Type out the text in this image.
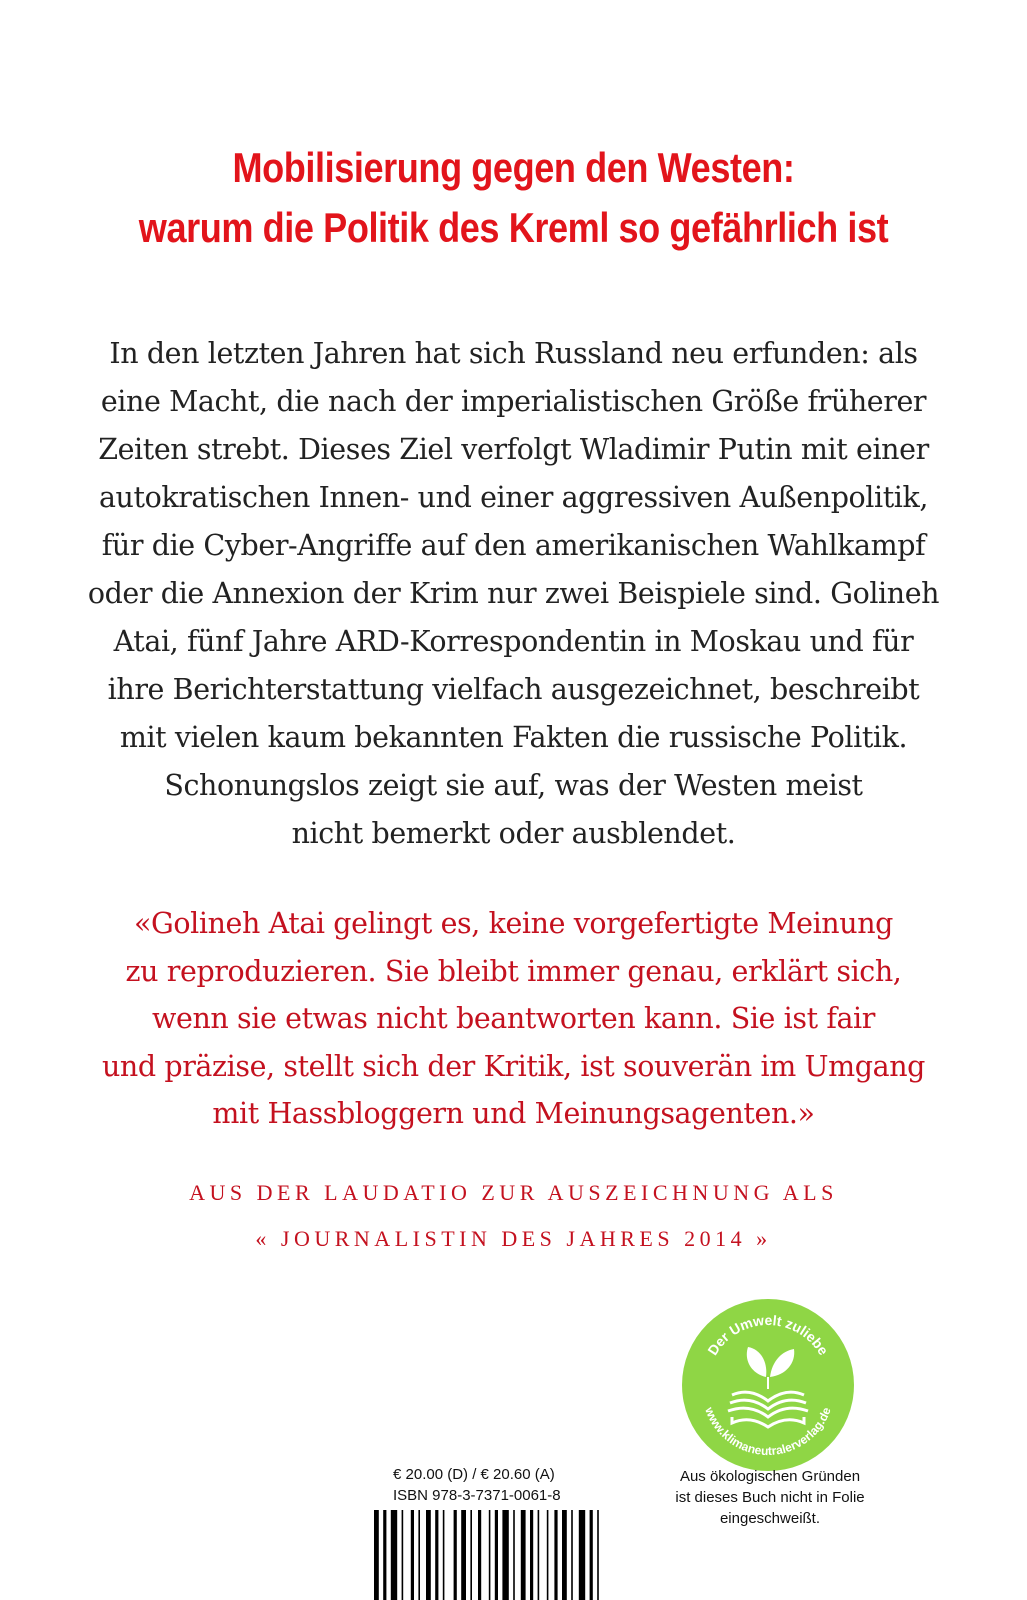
Mobilisierung gegen den Westen:
warum die Politik des Kreml so gefährlich ist
In den letzten Jahren hat sich Russland neu erfunden: als
eine Macht, die nach der imperialistischen Größe früherer
Zeiten strebt. Dieses Ziel verfolgt Wladimir Putin mit einer
autokratischen Innen- und einer aggressiven Außenpolitik,
für die Cyber-Angriffe auf den amerikanischen Wahlkampf
oder die Annexion der Krim nur zwei Beispiele sind. Golineh
Atai, fünf Jahre ARD-Korrespondentin in Moskau und für
ihre Berichterstattung vielfach ausgezeichnet, beschreibt
mit vielen kaum bekannten Fakten die russische Politik.
Schonungslos zeigt sie auf, was der Westen meist
nicht bemerkt oder ausblendet.
«Golineh Atai gelingt es, keine vorgefertigte Meinung
zu reproduzieren. Sie bleibt immer genau, erklärt sich,
wenn sie etwas nicht beantworten kann. Sie ist fair
und präzise, stellt sich der Kritik, ist souverän im Umgang
mit Hassbloggern und Meinungsagenten.»
AUS DER LAUDATIO ZUR AUSZEICHNUNG ALS
« JOURNALISTIN DES JAHRES 2014 »
Der Umwelt zuliebe
www.klimaneutralerverlag.de
€ 20.00 (D) / € 20.60 (A)
ISBN 978-3-7371-0061-8
Aus ökologischen Gründen
ist dieses Buch nicht in Folie
eingeschweißt.
